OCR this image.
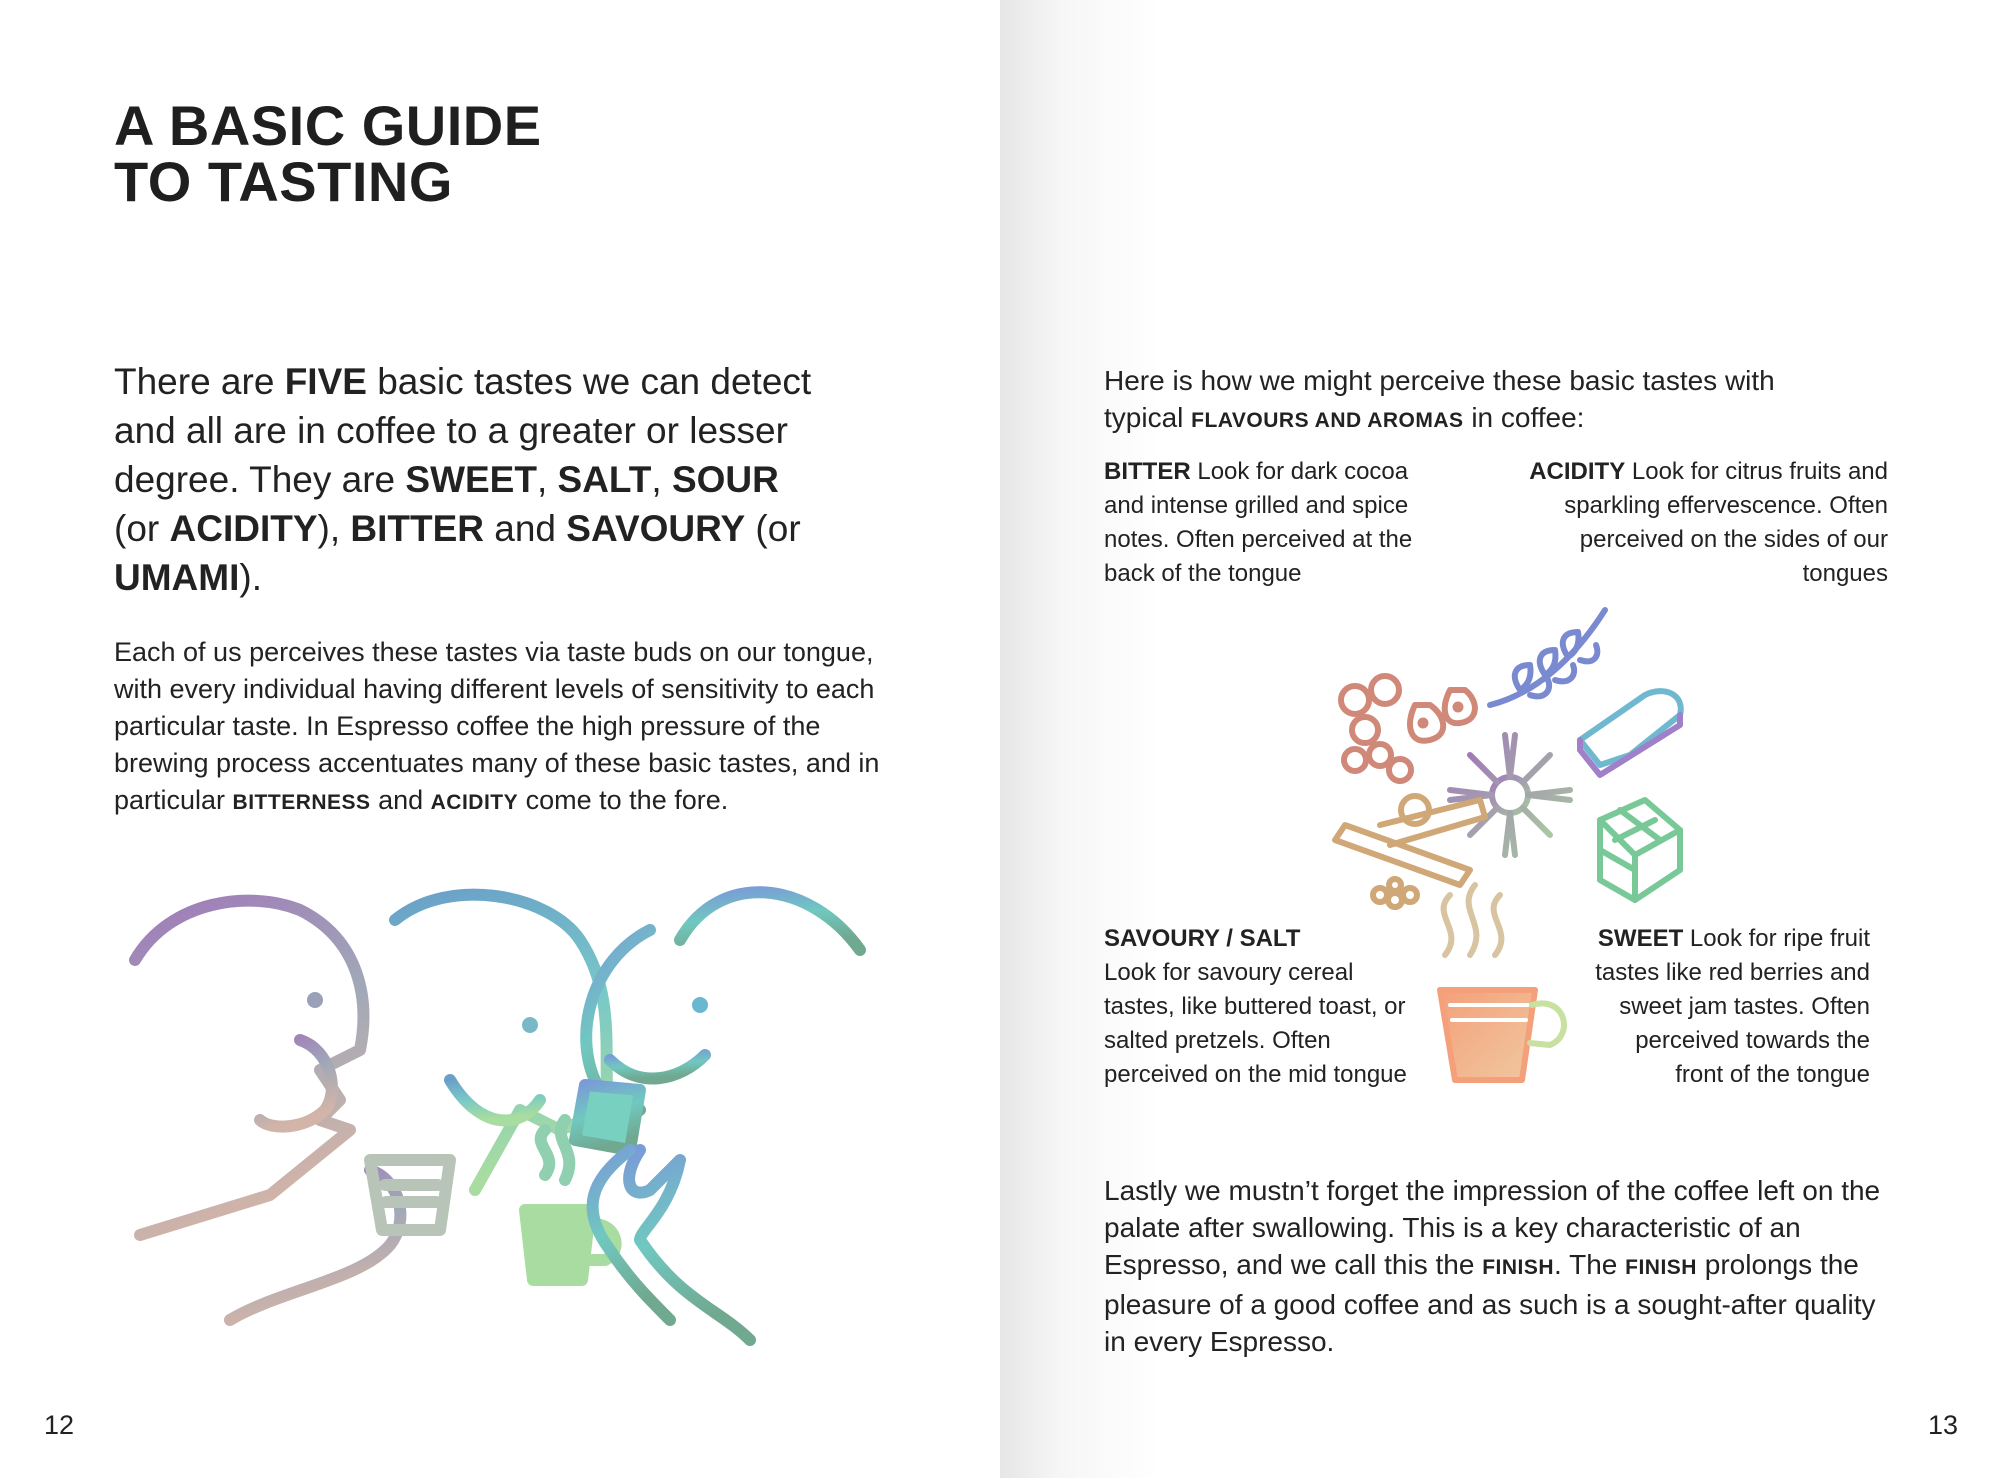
A BASIC GUIDE
TO TASTING

There are FIVE basic tastes we can detect and all are in coffee to a greater or lesser degree. They are SWEET, SALT, SOUR (or ACIDITY), BITTER and SAVOURY (or UMAMI).

Each of us perceives these tastes via taste buds on our tongue, with every individual having different levels of sensitivity to each particular taste. In Espresso coffee the high pressure of the brewing process accentuates many of these basic tastes, and in particular BITTERNESS and ACIDITY come to the fore.

12

Here is how we might perceive these basic tastes with typical FLAVOURS AND AROMAS in coffee:

BITTER Look for dark cocoa and intense grilled and spice notes. Often perceived at the back of the tongue

ACIDITY Look for citrus fruits and sparkling effervescence. Often perceived on the sides of our tongues

SAVOURY / SALT
Look for savoury cereal tastes, like buttered toast, or salted pretzels. Often perceived on the mid tongue

SWEET Look for ripe fruit tastes like red berries and sweet jam tastes. Often perceived towards the front of the tongue

Lastly we mustn’t forget the impression of the coffee left on the palate after swallowing. This is a key characteristic of an Espresso, and we call this the FINISH. The FINISH prolongs the pleasure of a good coffee and as such is a sought-after quality in every Espresso.

13
